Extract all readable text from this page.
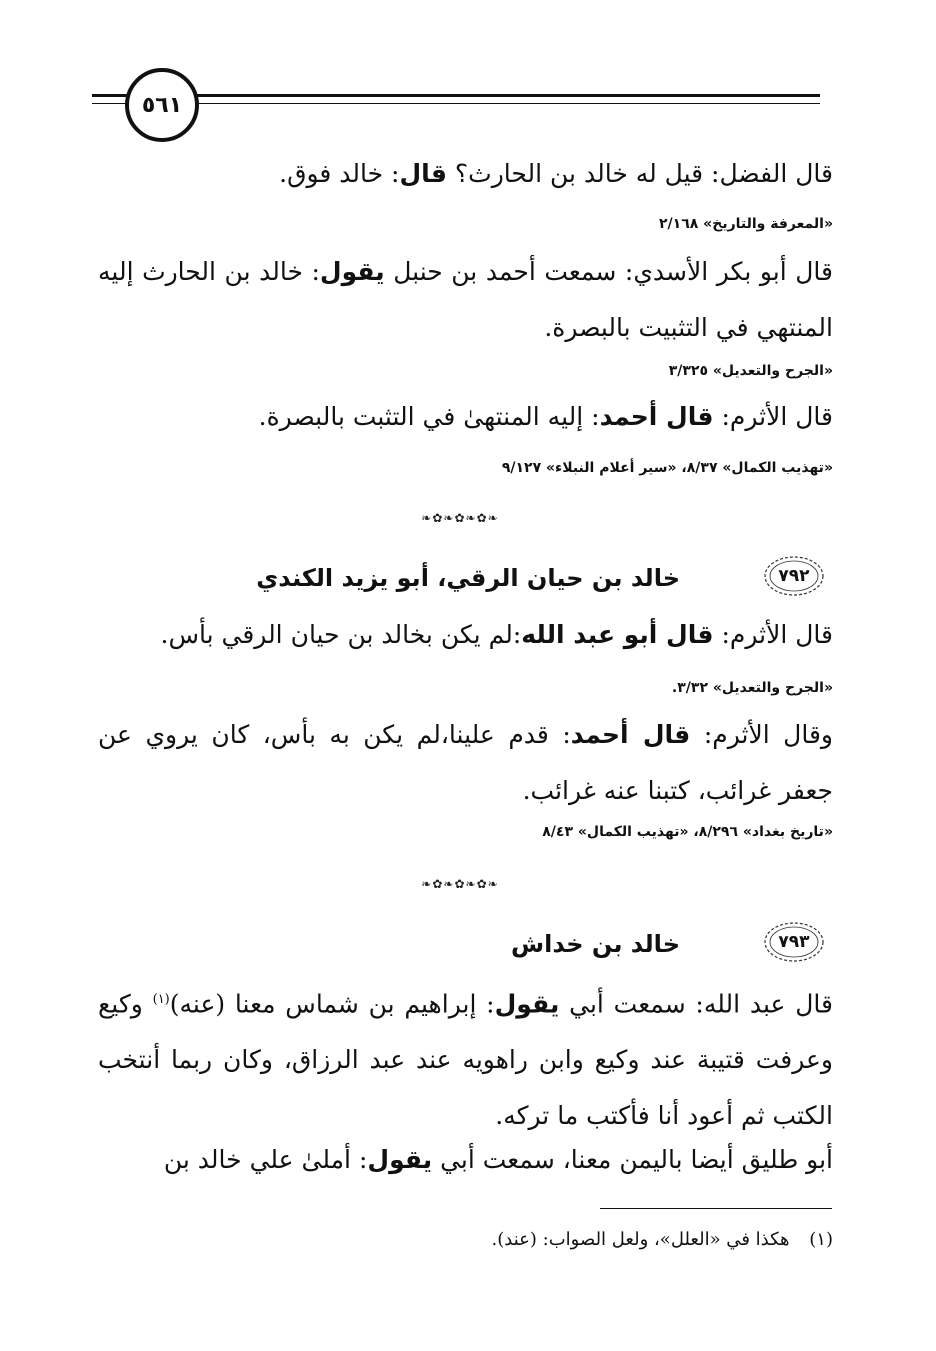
٥٦١
قال الفضل: قيل له خالد بن الحارث؟ قال: خالد فوق.
«المعرفة والتاريخ» ٢/١٦٨
قال أبو بكر الأسدي: سمعت أحمد بن حنبل يقول: خالد بن الحارث إليه المنتهي في التثبيت بالبصرة.
«الجرح والتعديل» ٣/٣٢٥
قال الأثرم: قال أحمد: إليه المنتهىٰ في التثبت بالبصرة.
«تهذيب الكمال» ٨/٣٧، «سير أعلام النبلاء» ٩/١٢٧
❧✿❧✿❧✿❧
٧٩٢
خالد بن حيان الرقي، أبو يزيد الكندي
قال الأثرم: قال أبو عبد الله:لم يكن بخالد بن حيان الرقي بأس.
«الجرح والتعديل» ٣/٣٢.
وقال الأثرم: قال أحمد: قدم علينا،لم يكن به بأس، كان يروي عن جعفر غرائب، كتبنا عنه غرائب.
«تاريخ بغداد» ٨/٢٩٦، «تهذيب الكمال» ٨/٤٣
❧✿❧✿❧✿❧
٧٩٣
خالد بن خداش
قال عبد الله: سمعت أبي يقول: إبراهيم بن شماس معنا (عنه)$^{(١)}$ وكيع وعرفت قتيبة عند وكيع وابن راهويه عند عبد الرزاق، وكان ربما أنتخب الكتب ثم أعود أنا فأكتب ما تركه.
أبو طليق أيضا باليمن معنا، سمعت أبي يقول: أملىٰ علي خالد بن
(١) هكذا في «العلل»، ولعل الصواب: (عند).
